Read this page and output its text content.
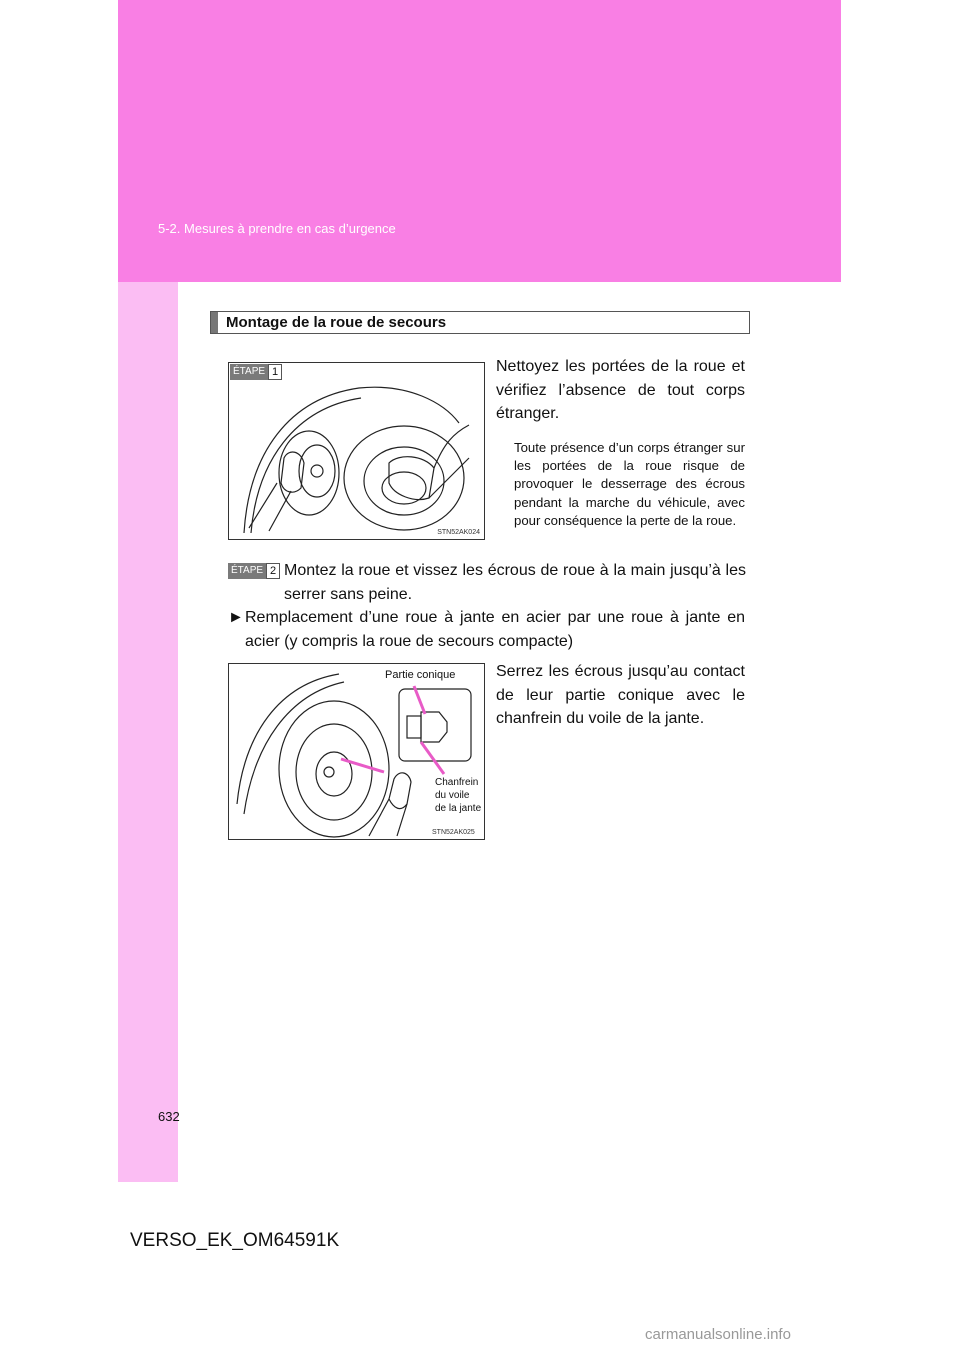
5-2. Mesures à prendre en cas d’urgence
Montage de la roue de secours
ÉTAPE 1
STN52AK024
Nettoyez les portées de la roue et vérifiez l’absence de tout corps étranger.
Toute présence d’un corps étranger sur les portées de la roue risque de provoquer le desserrage des écrous pendant la marche du véhicule, avec pour conséquence la perte de la roue.
ÉTAPE 2 Montez la roue et vissez les écrous de roue à la main jusqu’à les serrer sans peine.
► Remplacement d’une roue à jante en acier par une roue à jante en acier (y compris la roue de secours compacte)
Partie conique
Chanfrein
du voile
de la jante
STN52AK025
Serrez les écrous jusqu’au contact de leur partie conique avec le chanfrein du voile de la jante.
632
VERSO_EK_OM64591K
carmanualsonline.info
